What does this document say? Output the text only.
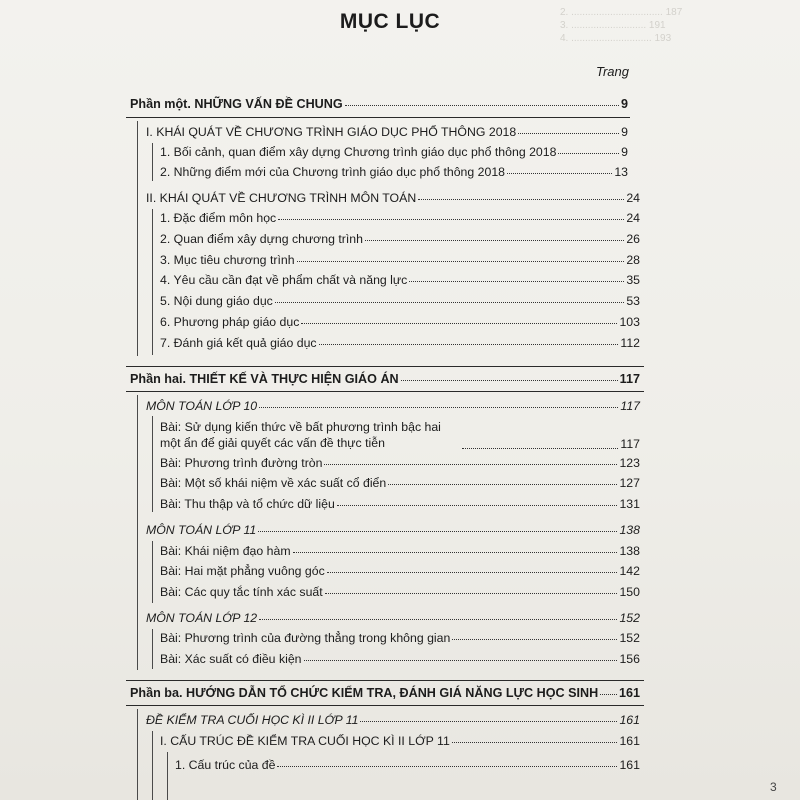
2. ................................. 187
3. ........................... 191
4. ............................. 193
MỤC LỤC
Trang
Phần một. NHỮNG VẤN ĐỀ CHUNG	9
I. KHÁI QUÁT VỀ CHƯƠNG TRÌNH GIÁO DỤC PHỔ THÔNG 2018	9
1. Bối cảnh, quan điểm xây dựng Chương trình giáo dục phổ thông 2018	9
2. Những điểm mới của Chương trình giáo dục phổ thông 2018	13
II. KHÁI QUÁT VỀ CHƯƠNG TRÌNH MÔN TOÁN	24
1. Đặc điểm môn học	24
2. Quan điểm xây dựng chương trình	26
3. Mục tiêu chương trình	28
4. Yêu cầu cần đạt về phẩm chất và năng lực	35
5. Nội dung giáo dục	53
6. Phương pháp giáo dục	103
7. Đánh giá kết quả giáo dục	112
Phần hai. THIẾT KẾ VÀ THỰC HIỆN GIÁO ÁN	117
MÔN TOÁN LỚP 10	117
Bài: Sử dụng kiến thức về bất phương trình bậc hai một ẩn để giải quyết các vấn đề thực tiễn	117
Bài: Phương trình đường tròn	123
Bài: Một số khái niệm về xác suất cổ điển	127
Bài: Thu thập và tổ chức dữ liệu	131
MÔN TOÁN LỚP 11	138
Bài: Khái niệm đạo hàm	138
Bài: Hai mặt phẳng vuông góc	142
Bài: Các quy tắc tính xác suất	150
MÔN TOÁN LỚP 12	152
Bài: Phương trình của đường thẳng trong không gian	152
Bài: Xác suất có điều kiện	156
Phần ba. HƯỚNG DẪN TỔ CHỨC KIỂM TRA, ĐÁNH GIÁ NĂNG LỰC HỌC SINH 161
ĐỀ KIỂM TRA CUỐI HỌC KÌ II LỚP 11	161
I. CẤU TRÚC ĐỀ KIỂM TRA CUỐI HỌC KÌ II LỚP 11	161
1. Cấu trúc của đề	161
3
